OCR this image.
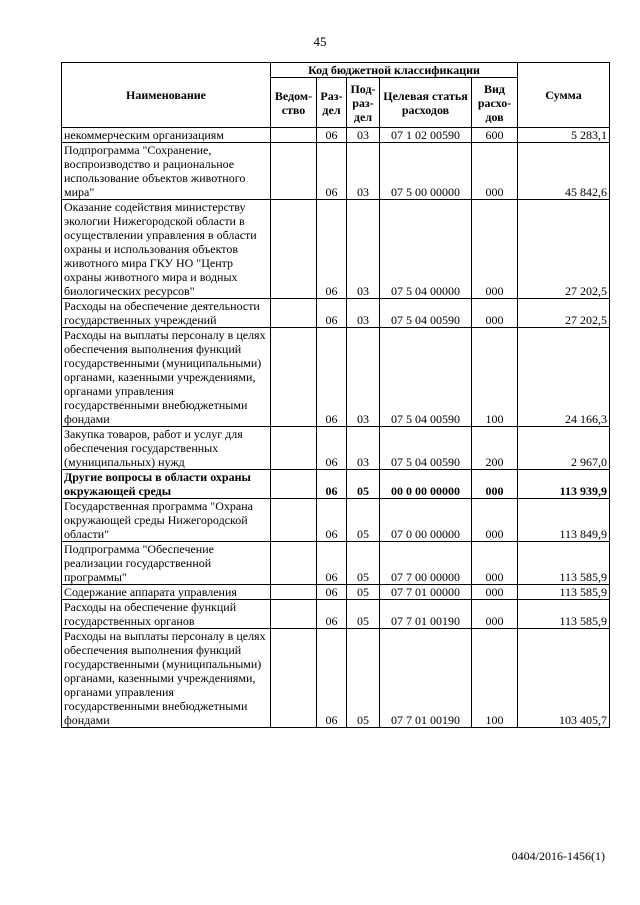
45
Наименование	Код бюджетной классификации					Сумма
	Ведом-ство	Раз-дел	Под-раз-дел	Целевая статья расходов	Вид расхо-дов	
некоммерческим организациям		06	03	07 1 02 00590	600	5 283,1
Подпрограмма "Сохранение, воспроизводство и рациональное использование объектов животного мира"		06	03	07 5 00 00000	000	45 842,6
Оказание содействия министерству экологии Нижегородской области в осуществлении управления в области охраны и использования объектов животного мира ГКУ НО "Центр охраны животного мира и водных биологических ресурсов"		06	03	07 5 04 00000	000	27 202,5
Расходы на обеспечение деятельности государственных учреждений		06	03	07 5 04 00590	000	27 202,5
Расходы на выплаты персоналу в целях обеспечения выполнения функций государственными (муниципальными) органами, казенными учреждениями, органами управления государственными внебюджетными фондами		06	03	07 5 04 00590	100	24 166,3
Закупка товаров, работ и услуг для обеспечения государственных (муниципальных) нужд		06	03	07 5 04 00590	200	2 967,0
Другие вопросы в области охраны окружающей среды		06	05	00 0 00 00000	000	113 939,9
Государственная программа "Охрана окружающей среды Нижегородской области"		06	05	07 0 00 00000	000	113 849,9
Подпрограмма "Обеспечение реализации государственной программы"		06	05	07 7 00 00000	000	113 585,9
Содержание аппарата управления		06	05	07 7 01 00000	000	113 585,9
Расходы на обеспечение функций государственных органов		06	05	07 7 01 00190	000	113 585,9
Расходы на выплаты персоналу в целях обеспечения выполнения функций государственными (муниципальными) органами, казенными учреждениями, органами управления государственными внебюджетными фондами		06	05	07 7 01 00190	100	103 405,7
0404/2016-1456(1)
